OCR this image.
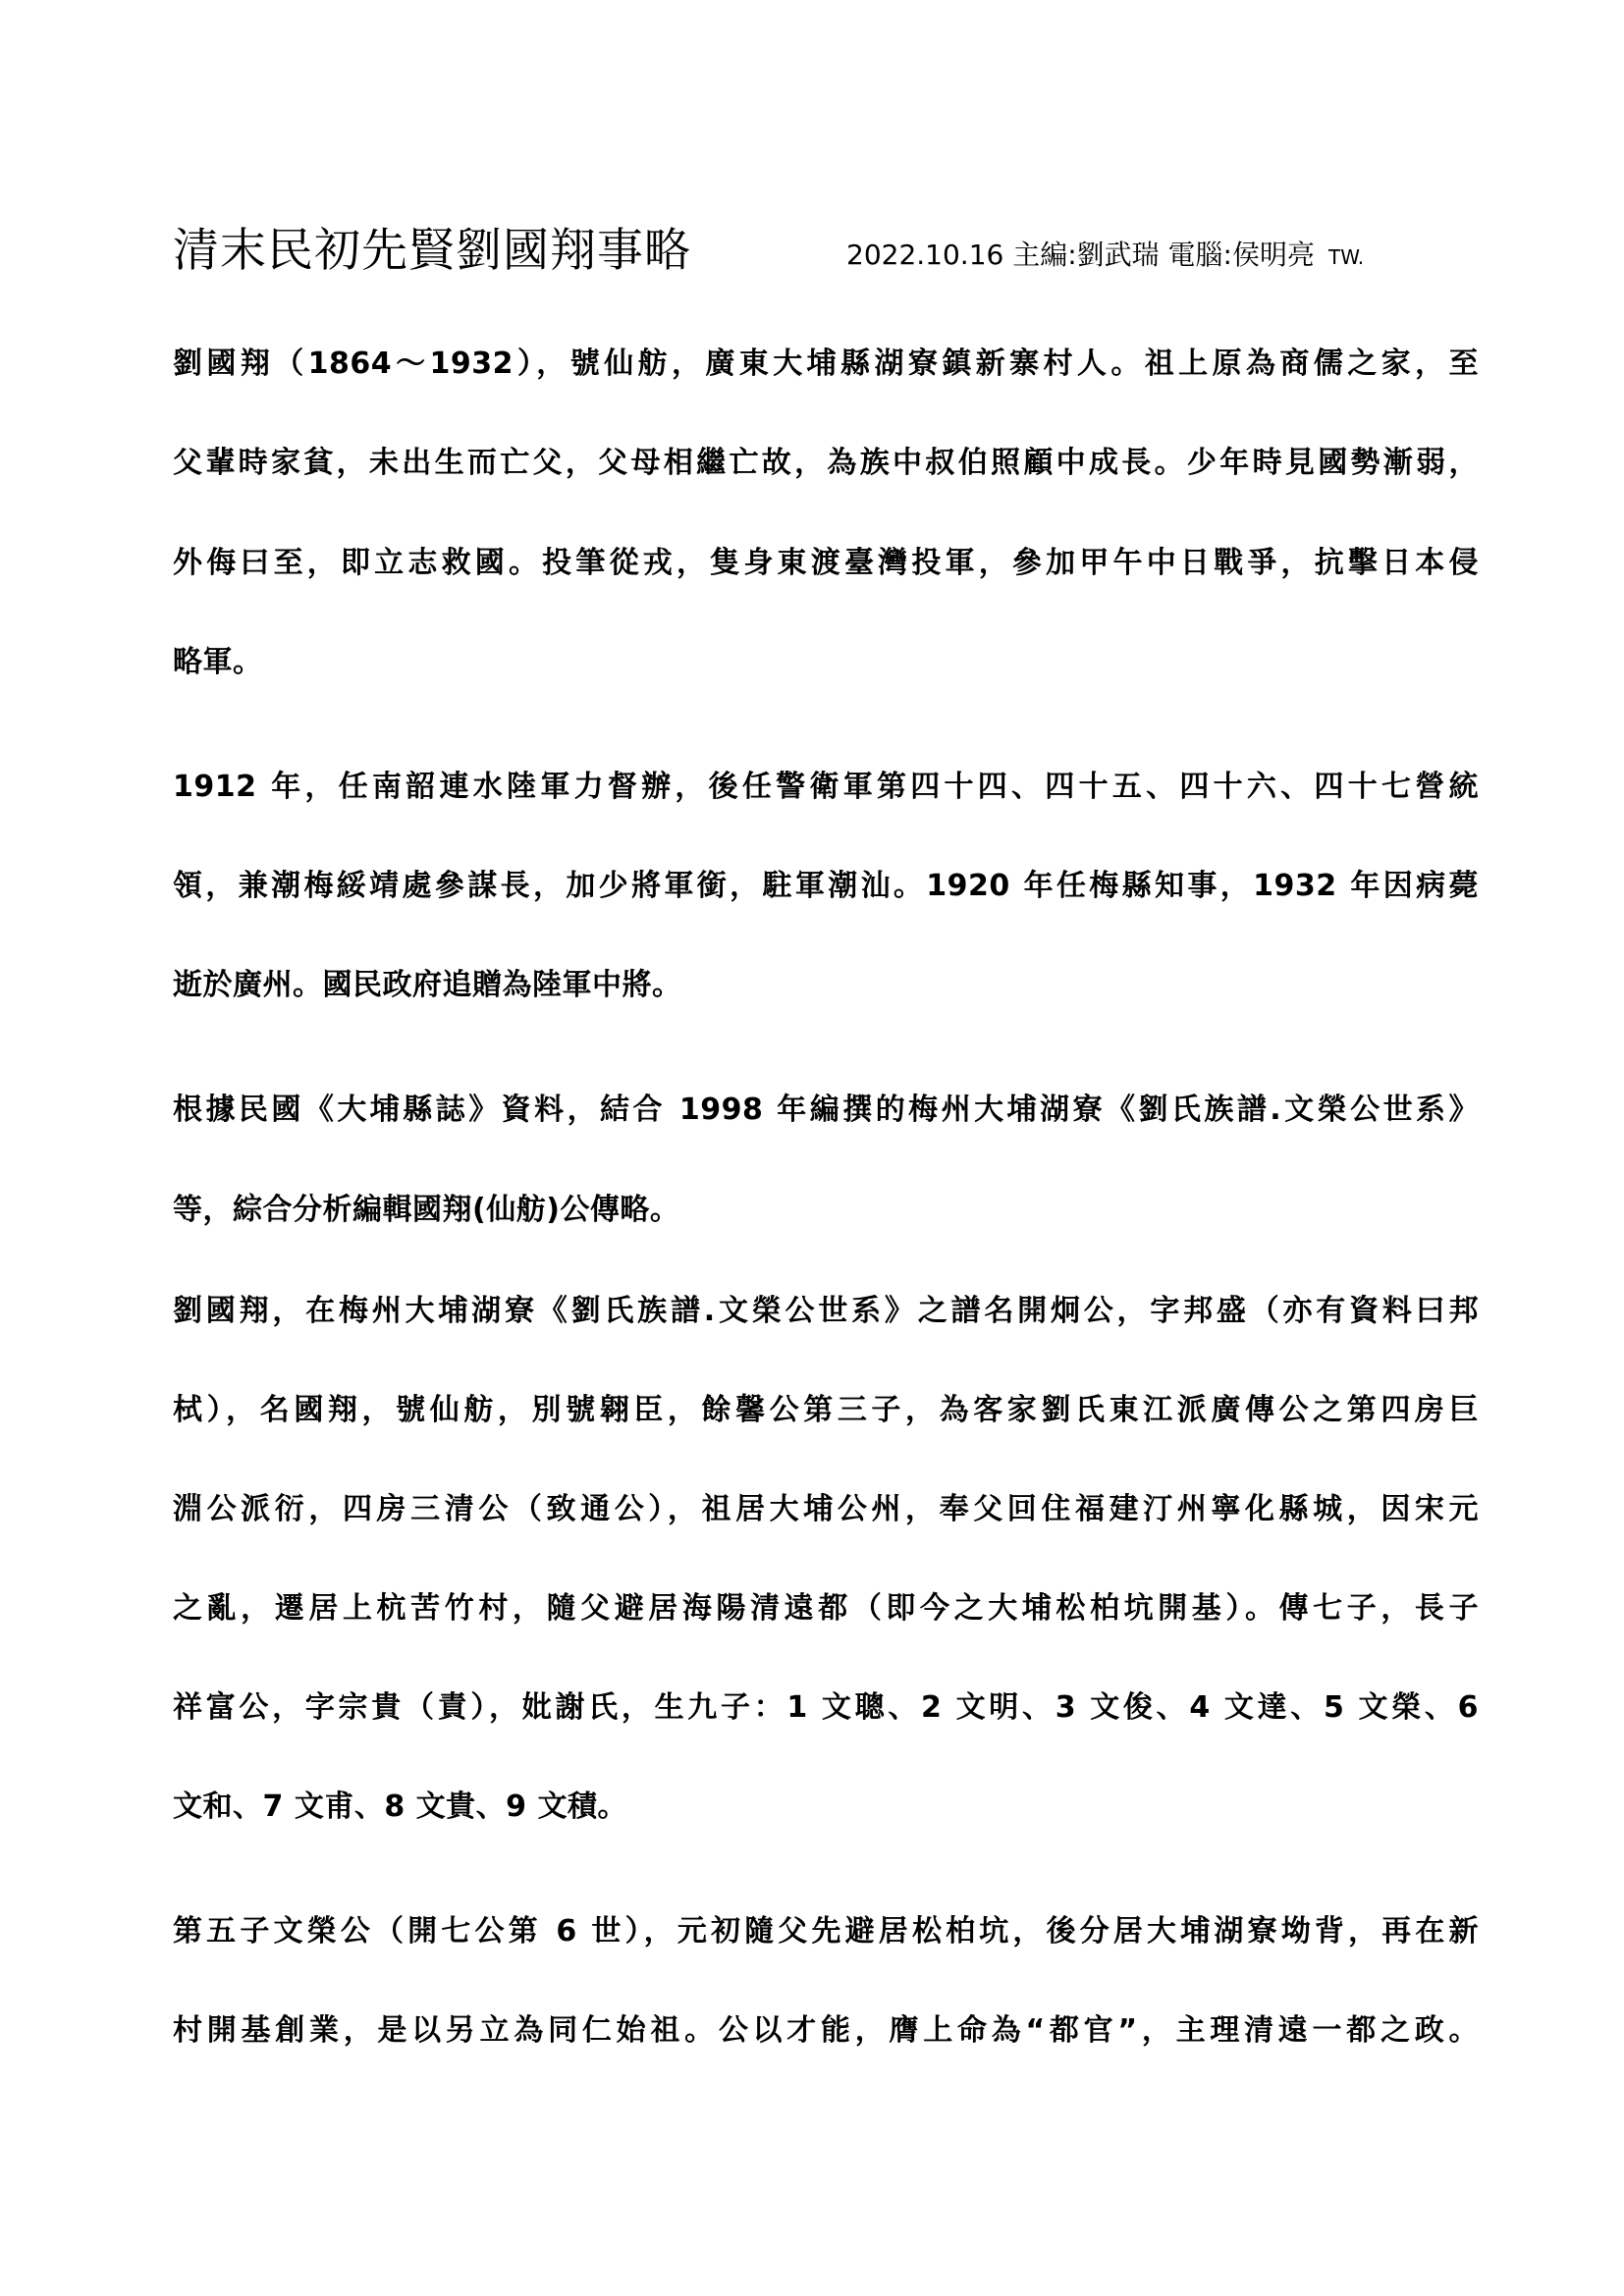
清末民初先賢劉國翔事略	2022.10.16 主編:劉武瑞 電腦:侯明亮 TW.
劉國翔（1864～1932），號仙舫，廣東大埔縣湖寮鎮新寨村人。祖上原為商儒之家，至
父輩時家貧，未出生而亡父，父母相繼亡故，為族中叔伯照顧中成長。少年時見國勢漸弱，
外侮曰至，即立志救國。投筆從戎，隻身東渡臺灣投軍，參加甲午中日戰爭，抗擊日本侵
略軍。
1912 年，任南韶連水陸軍力督辦，後任警衛軍第四十四、四十五、四十六、四十七營統
領，兼潮梅綏靖處參謀長，加少將軍銜，駐軍潮汕。1920 年任梅縣知事，1932 年因病薨
逝於廣州。國民政府追贈為陸軍中將。
根據民國《大埔縣誌》資料，結合 1998 年編撰的梅州大埔湖寮《劉氏族譜.文榮公世系》
等，綜合分析編輯國翔(仙舫)公傳略。
劉國翔，在梅州大埔湖寮《劉氏族譜.文榮公世系》之譜名開炯公，字邦盛（亦有資料曰邦
栻），名國翔，號仙舫，別號翱臣，餘馨公第三子，為客家劉氏東江派廣傳公之第四房巨
淵公派衍，四房三清公（致通公），祖居大埔公州，奉父回住福建汀州寧化縣城，因宋元
之亂，遷居上杭苦竹村，隨父避居海陽清遠都（即今之大埔松柏坑開基）。傳七子，長子
祥富公，字宗貴（責），妣謝氏，生九子：1 文聰、2 文明、3 文俊、4 文達、5 文榮、6
文和、7 文甫、8 文貴、9 文積。
第五子文榮公（開七公第 6 世），元初隨父先避居松柏坑，後分居大埔湖寮坳背，再在新
村開基創業，是以另立為同仁始祖。公以才能，膺上命為“都官”，主理清遠一都之政。
